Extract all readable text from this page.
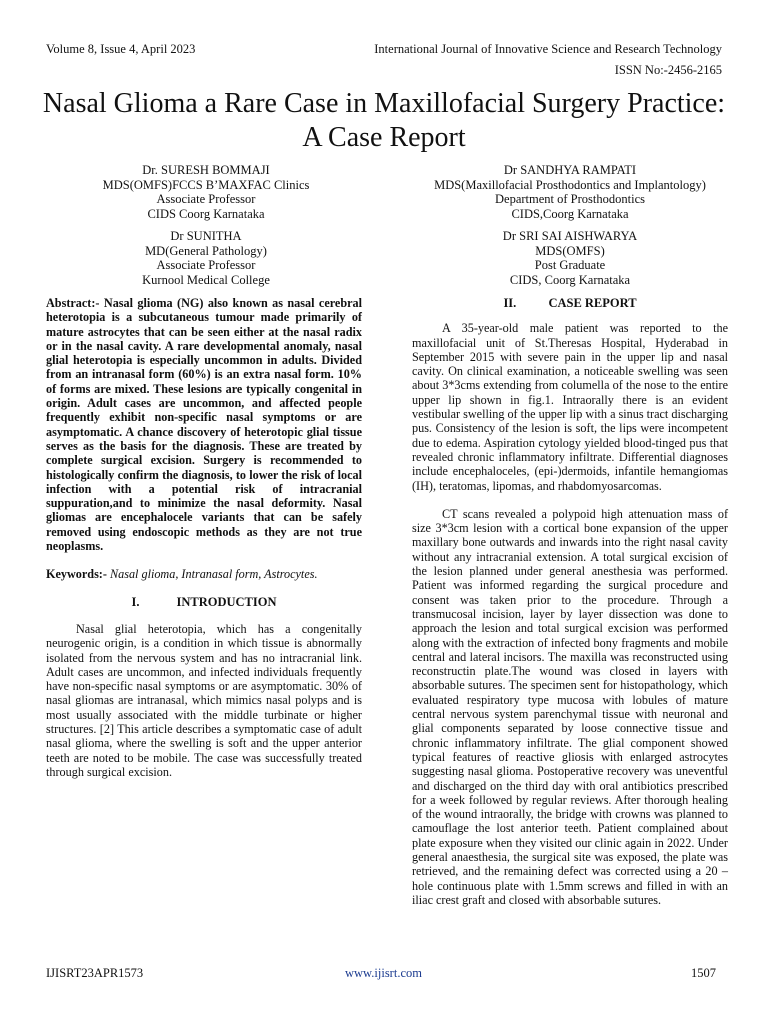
Volume 8, Issue 4, April 2023	International Journal of Innovative Science and Research Technology
ISSN No:-2456-2165
Nasal Glioma a Rare Case in Maxillofacial Surgery Practice: A Case Report
Dr. SURESH BOMMAJI
MDS(OMFS)FCCS B’MAXFAC Clinics
Associate Professor
CIDS Coorg Karnataka
Dr SANDHYA RAMPATI
MDS(Maxillofacial Prosthodontics and Implantology)
Department of Prosthodontics
CIDS,Coorg Karnataka
Dr SUNITHA
MD(General Pathology)
Associate Professor
Kurnool Medical College
Dr SRI SAI AISHWARYA
MDS(OMFS)
Post Graduate
CIDS, Coorg Karnataka

Abstract:- Nasal glioma (NG) also known as nasal cerebral heterotopia is a subcutaneous tumour made primarily of mature astrocytes that can be seen either at the nasal radix or in the nasal cavity. A rare developmental anomaly, nasal glial heterotopia is especially uncommon in adults. Divided from an intranasal form (60%) is an extra nasal form. 10% of forms are mixed. These lesions are typically congenital in origin. Adult cases are uncommon, and affected people frequently exhibit non-specific nasal symptoms or are asymptomatic. A chance discovery of heterotopic glial tissue serves as the basis for the diagnosis. These are treated by complete surgical excision. Surgery is recommended to histologically confirm the diagnosis, to lower the risk of local infection with a potential risk of intracranial suppuration,and to minimize the nasal deformity. Nasal gliomas are encephalocele variants that can be safely removed using endoscopic methods as they are not true neoplasms.

Keywords:- Nasal glioma, Intranasal form, Astrocytes.

I.	INTRODUCTION

Nasal glial heterotopia, which has a congenitally neurogenic origin, is a condition in which tissue is abnormally isolated from the nervous system and has no intracranial link. Adult cases are uncommon, and infected individuals frequently have non-specific nasal symptoms or are asymptomatic. 30% of nasal gliomas are intranasal, which mimics nasal polyps and is most usually associated with the middle turbinate or higher structures. [2] This article describes a symptomatic case of adult nasal glioma, where the swelling is soft and the upper anterior teeth are noted to be mobile. The case was successfully treated through surgical excision.

II.	CASE REPORT

A 35-year-old male patient was reported to the maxillofacial unit of St.Theresas Hospital, Hyderabad in September 2015 with severe pain in the upper lip and nasal cavity. On clinical examination, a noticeable swelling was seen about 3*3cms extending from columella of the nose to the entire upper lip shown in fig.1. Intraorally there is an evident vestibular swelling of the upper lip with a sinus tract discharging pus. Consistency of the lesion is soft, the lips were incompetent due to edema. Aspiration cytology yielded blood-tinged pus that revealed chronic inflammatory infiltrate. Differential diagnoses include encephaloceles, (epi-)dermoids, infantile hemangiomas (IH), teratomas, lipomas, and rhabdomyosarcomas.

CT scans revealed a polypoid high attenuation mass of size 3*3cm lesion with a cortical bone expansion of the upper maxillary bone outwards and inwards into the right nasal cavity without any intracranial extension. A total surgical excision of the lesion planned under general anesthesia was performed. Patient was informed regarding the surgical procedure and consent was taken prior to the procedure. Through a transmucosal incision, layer by layer dissection was done to approach the lesion and total surgical excision was performed along with the extraction of infected bony fragments and mobile central and lateral incisors. The maxilla was reconstructed using reconstructin plate.The wound was closed in layers with absorbable sutures. The specimen sent for histopathology, which evaluated respiratory type mucosa with lobules of mature central nervous system parenchymal tissue with neuronal and glial components separated by loose connective tissue and chronic inflammatory infiltrate. The glial component showed typical features of reactive gliosis with enlarged astrocytes suggesting nasal glioma. Postoperative recovery was uneventful and discharged on the third day with oral antibiotics prescribed for a week followed by regular reviews. After thorough healing of the wound intraorally, the bridge with crowns was planned to camouflage the lost anterior teeth. Patient complained about plate exposure when they visited our clinic again in 2022. Under general anaesthesia, the surgical site was exposed, the plate was retrieved, and the remaining defect was corrected using a 20 –hole continuous plate with 1.5mm screws and filled in with an iliac crest graft and closed with absorbable sutures.

IJISRT23APR1573	www.ijisrt.com	1507
